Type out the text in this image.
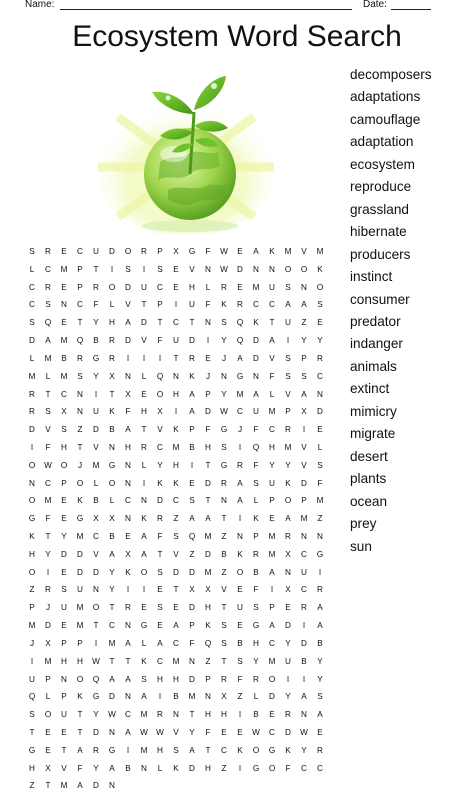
Name:	Date:
Ecosystem Word Search
S	R	E	C	U	D	O	R	P	X	G	F	W	E	A	K	M	V	M
L	C	M	P	T	I	S	I	S	E	V	N	W	D	N	N	O	O	K
C	R	E	P	R	O	D	U	C	E	H	L	R	E	M	U	S	N	O
C	S	N	C	F	L	V	T	P	I	U	F	K	R	C	C	A	A	S
S	Q	E	T	Y	H	A	D	T	C	T	N	S	Q	K	T	U	Z	E
D	A	M	Q	B	R	D	V	F	U	D	I	Y	Q	D	A	I	Y	Y
L	M	B	R	G	R	I	I	I	T	R	E	J	A	D	V	S	P	R
M	L	M	S	Y	X	N	L	Q	N	K	J	N	G	N	F	S	S	C
R	T	C	N	I	T	X	E	O	H	A	P	Y	M	A	L	V	A	N
R	S	X	N	U	K	F	H	X	I	A	D	W	C	U	M	P	X	D
D	V	S	Z	D	B	A	T	V	K	P	F	G	J	F	C	R	I	E
I	F	H	T	V	N	H	R	C	M	B	H	S	I	Q	H	M	V	L
O	W	O	J	M	G	N	L	Y	H	I	T	G	R	F	Y	Y	V	S
N	C	P	O	L	O	N	I	K	K	E	D	R	A	S	U	K	D	F
O	M	E	K	B	L	C	N	D	C	S	T	N	A	L	P	O	P	M
G	F	E	G	X	X	N	K	R	Z	A	A	T	I	K	E	A	M	Z
K	T	Y	M	C	B	E	A	F	S	Q	M	Z	N	P	M	R	N	N
H	Y	D	D	V	A	X	A	T	V	Z	D	B	K	R	M	X	C	G
O	I	E	D	D	Y	K	O	S	D	D	M	Z	O	B	A	N	U	I
Z	R	S	U	N	Y	I	I	E	T	X	X	V	E	F	I	X	C	R
P	J	U	M	O	T	R	E	S	E	D	H	T	U	S	P	E	R	A
M	D	E	M	T	C	N	G	E	A	P	K	S	E	G	A	D	I	A
J	X	P	P	I	M	A	L	A	C	F	Q	S	B	H	C	Y	D	B
I	M	H	H	W	T	T	K	C	M	N	Z	T	S	Y	M	U	B	Y
U	P	N	O	Q	A	A	S	H	H	D	P	R	F	R	O	I	I	Y
Q	L	P	K	G	D	N	A	I	B	M	N	X	Z	L	D	Y	A	S
S	O	U	T	Y	W	C	M	R	N	T	H	H	I	B	E	R	N	A
T	E	E	T	D	N	A	W	W	V	Y	F	E	E	W	C	D	W	E
G	E	T	A	R	G	I	M	H	S	A	T	C	K	O	G	K	Y	R
H	X	V	F	Y	A	B	N	L	K	D	H	Z	I	G	O	F	C	C
Z	T	M	A	D	N
decomposers
adaptations
camouflage
adaptation
ecosystem
reproduce
grassland
hibernate
producers
instinct
consumer
predator
indanger
animals
extinct
mimicry
migrate
desert
plants
ocean
prey
sun
